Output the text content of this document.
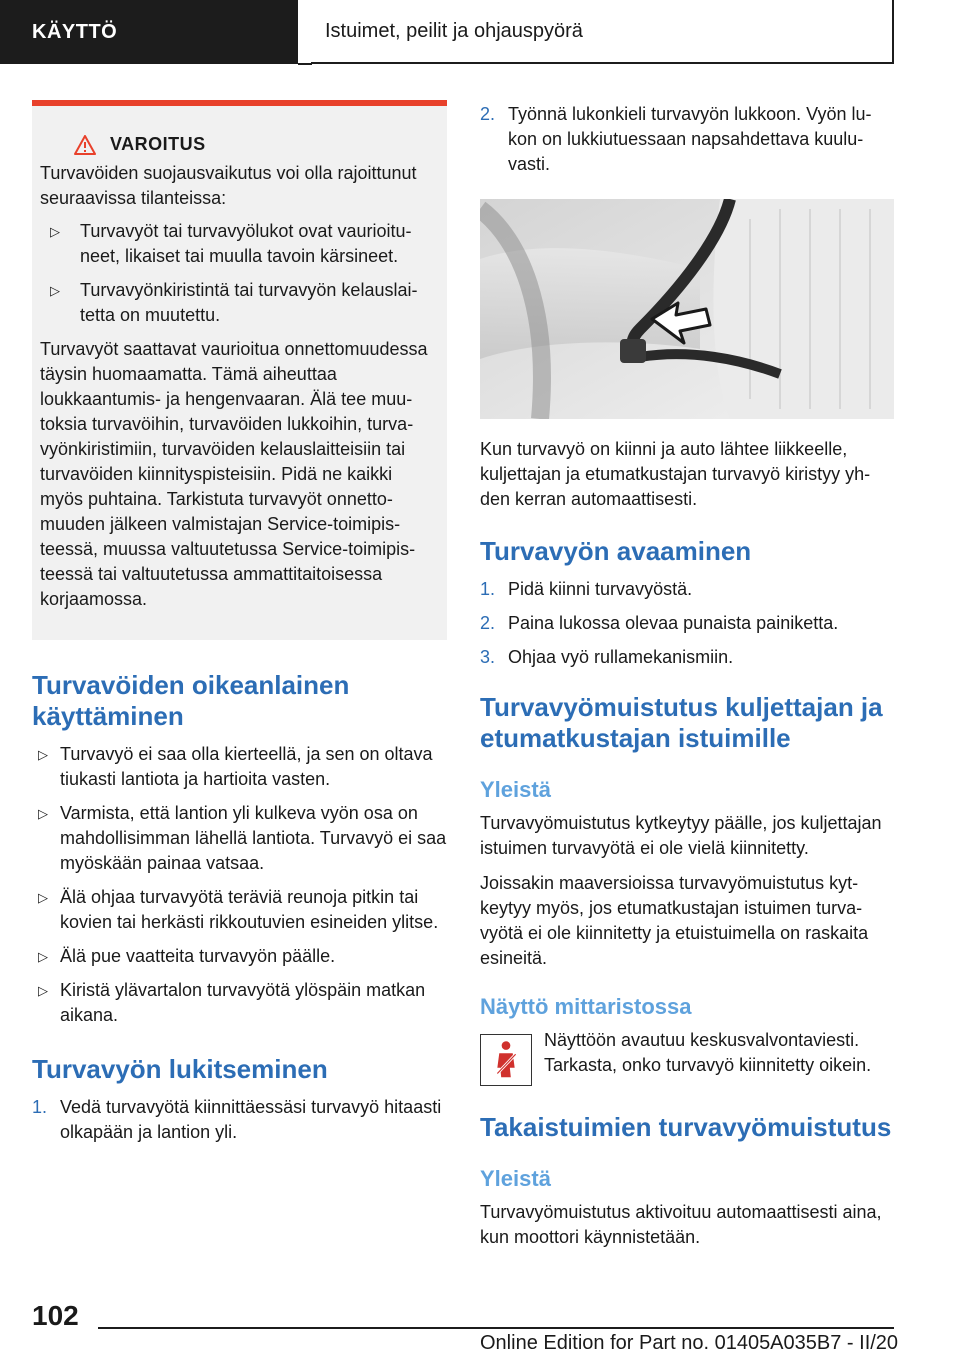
KÄYTTÖ	Istuimet, peilit ja ohjauspyörä
VAROITUS

Turvavöiden suojausvaikutus voi olla rajoittunut seuraavissa tilanteissa:

▷	Turvavyöt tai turvavyölukot ovat vaurioituneet, likaiset tai muulla tavoin kärsineet.
▷	Turvavyönkiristintä tai turvavyön kelauslaitetta on muutettu.

Turvavyöt saattavat vaurioitua onnettomuudessa täysin huomaamatta. Tämä aiheuttaa loukkaantumis- ja hengenvaaran. Älä tee muutoksia turvavöihin, turvavöiden lukkoihin, turvavyönkiristimiin, turvavöiden kelauslaitteisiin tai turvavöiden kiinnityspisteisiin. Pidä ne kaikki myös puhtaina. Tarkistuta turvavyöt onnettomuuden jälkeen valmistajan Service-toimipisteessä, muussa valtuutetussa Service-toimipisteessä tai valtuutetussa ammattitaitoisessa korjaamossa.

Turvavöiden oikeanlainen käyttäminen
▷ Turvavyö ei saa olla kierteellä, ja sen on oltava tiukasti lantiota ja hartioita vasten.
▷ Varmista, että lantion yli kulkeva vyön osa on mahdollisimman lähellä lantiota. Turvavyö ei saa myöskään painaa vatsaa.
▷ Älä ohjaa turvavyötä teräviä reunoja pitkin tai kovien tai herkästi rikkoutuvien esineiden ylitse.
▷ Älä pue vaatteita turvavyön päälle.
▷ Kiristä ylävartalon turvavyötä ylöspäin matkan aikana.
Turvavyön lukitseminen
1. Vedä turvavyötä kiinnittäessäsi turvavyö hitaasti olkapään ja lantion yli.
2. Työnnä lukonkieli turvavyön lukkoon. Vyön lukon on lukkiutuessaan napsahdettava kuuluvasti.

Kun turvavyö on kiinni ja auto lähtee liikkeelle, kuljettajan ja etumatkustajan turvavyö kiristyy yhden kerran automaattisesti.

Turvavyön avaaminen
1. Pidä kiinni turvavyöstä.
2. Paina lukossa olevaa punaista painiketta.
3. Ohjaa vyö rullamekanismiin.
Turvavyömuistutus kuljettajan ja etumatkustajan istuimille
Yleistä

Turvavyömuistutus kytkeytyy päälle, jos kuljettajan istuimen turvavyötä ei ole vielä kiinnitetty.

Joissakin maaversioissa turvavyömuistutus kytkeytyy myös, jos etumatkustajan istuimen turvavyötä ei ole kiinnitetty ja etuistuimella on raskaita esineitä.

Näyttö mittaristossa

Näyttöön avautuu keskusvalvontaviesti. Tarkasta, onko turvavyö kiinnitetty oikein.

Takaistuimien turvavyömuistutus
Yleistä

Turvavyömuistutus aktivoituu automaattisesti aina, kun moottori käynnistetään.

102
Online Edition for Part no. 01405A035B7 - II/20
